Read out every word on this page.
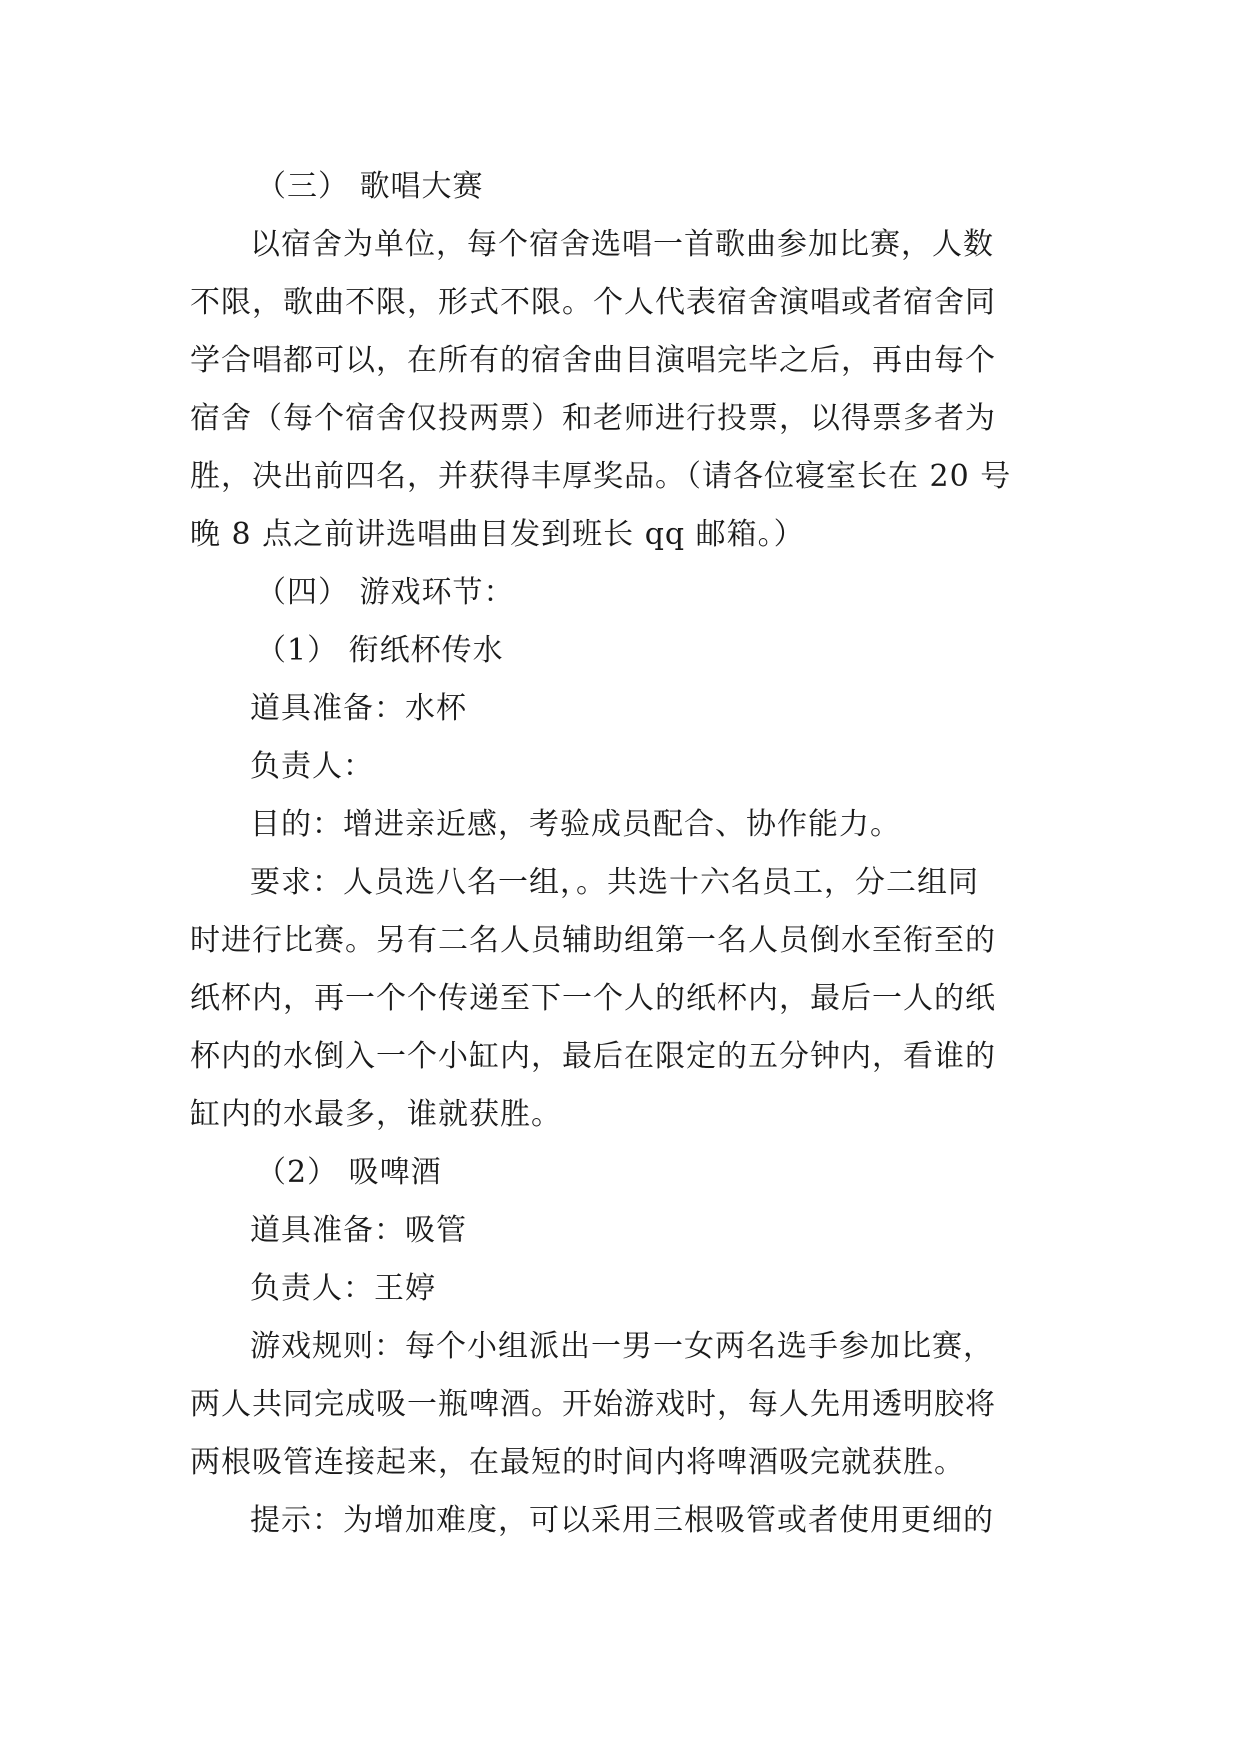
（三） 歌唱大赛
以宿舍为单位，每个宿舍选唱一首歌曲参加比赛，人数
不限，歌曲不限，形式不限。个人代表宿舍演唱或者宿舍同
学合唱都可以，在所有的宿舍曲目演唱完毕之后，再由每个
宿舍（每个宿舍仅投两票）和老师进行投票，以得票多者为
胜，决出前四名，并获得丰厚奖品。（请各位寝室长在 20 号
晚 8 点之前讲选唱曲目发到班长 qq 邮箱。）
（四） 游戏环节：
（1） 衔纸杯传水
道具准备：水杯
负责人：
目的：增进亲近感，考验成员配合、协作能力。
要求：人员选八名一组，。共选十六名员工，分二组同
时进行比赛。另有二名人员辅助组第一名人员倒水至衔至的
纸杯内，再一个个传递至下一个人的纸杯内，最后一人的纸
杯内的水倒入一个小缸内，最后在限定的五分钟内，看谁的
缸内的水最多，谁就获胜。
（2） 吸啤酒
道具准备：吸管
负责人：王婷
游戏规则：每个小组派出一男一女两名选手参加比赛，
两人共同完成吸一瓶啤酒。开始游戏时，每人先用透明胶将
两根吸管连接起来，在最短的时间内将啤酒吸完就获胜。
提示：为增加难度，可以采用三根吸管或者使用更细的
